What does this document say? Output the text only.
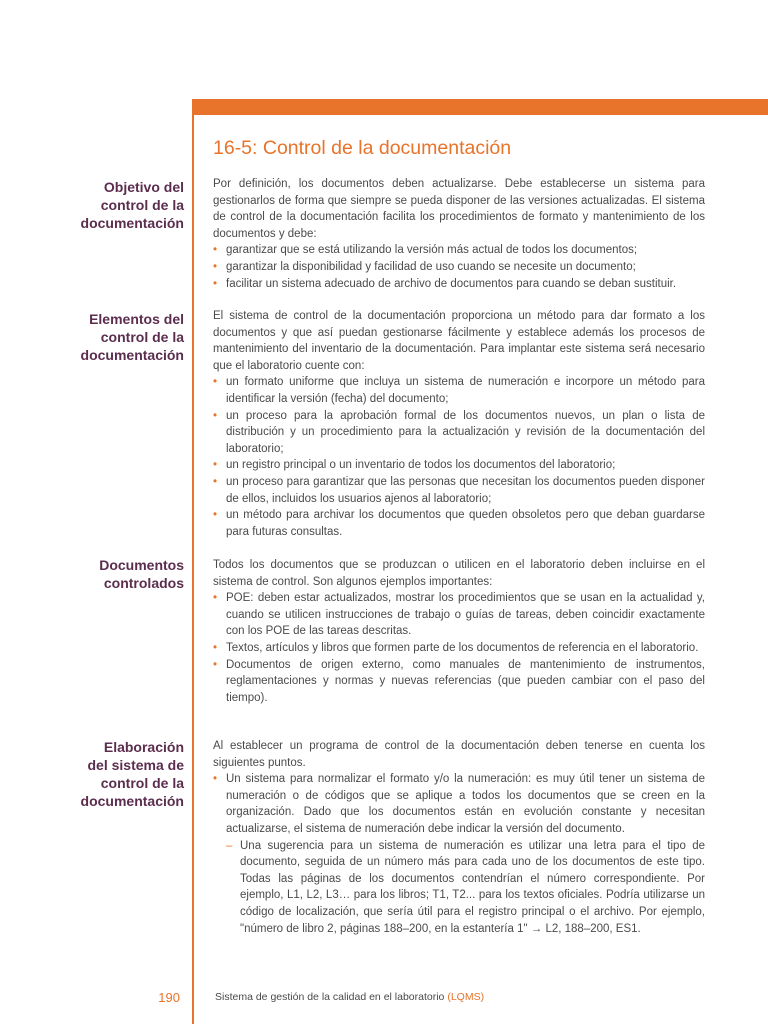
16-5: Control de la documentación
Objetivo del
control de la
documentación

Por definición, los documentos deben actualizarse. Debe establecerse un sistema para gestionarlos de forma que siempre se pueda disponer de las versiones actualizadas. El sistema de control de la documentación facilita los procedimientos de formato y mantenimiento de los documentos y debe:

• garantizar que se está utilizando la versión más actual de todos los documentos;
• garantizar la disponibilidad y facilidad de uso cuando se necesite un documento;
• facilitar un sistema adecuado de archivo de documentos para cuando se deban sustituir.
Elementos del
control de la
documentación

El sistema de control de la documentación proporciona un método para dar formato a los documentos y que así puedan gestionarse fácilmente y establece además los procesos de mantenimiento del inventario de la documentación. Para implantar este sistema será necesario que el laboratorio cuente con:

• un formato uniforme que incluya un sistema de numeración e incorpore un método para identificar la versión (fecha) del documento;
• un proceso para la aprobación formal de los documentos nuevos, un plan o lista de distribución y un procedimiento para la actualización y revisión de la documentación del laboratorio;
• un registro principal o un inventario de todos los documentos del laboratorio;
• un proceso para garantizar que las personas que necesitan los documentos pueden disponer de ellos, incluidos los usuarios ajenos al laboratorio;
• un método para archivar los documentos que queden obsoletos pero que deban guardarse para futuras consultas.
Documentos
controlados

Todos los documentos que se produzcan o utilicen en el laboratorio deben incluirse en el sistema de control. Son algunos ejemplos importantes:

• POE: deben estar actualizados, mostrar los procedimientos que se usan en la actualidad y, cuando se utilicen instrucciones de trabajo o guías de tareas, deben coincidir exactamente con los POE de las tareas descritas.
• Textos, artículos y libros que formen parte de los documentos de referencia en el laboratorio.
• Documentos de origen externo, como manuales de mantenimiento de instrumentos, reglamentaciones y normas y nuevas referencias (que pueden cambiar con el paso del tiempo).
Elaboración
del sistema de
control de la
documentación

Al establecer un programa de control de la documentación deben tenerse en cuenta los siguientes puntos.

• Un sistema para normalizar el formato y/o la numeración: es muy útil tener un sistema de numeración o de códigos que se aplique a todos los documentos que se creen en la organización. Dado que los documentos están en evolución constante y necesitan actualizarse, el sistema de numeración debe indicar la versión del documento.
– Una sugerencia para un sistema de numeración es utilizar una letra para el tipo de documento, seguida de un número más para cada uno de los documentos de este tipo. Todas las páginas de los documentos contendrían el número correspondiente. Por ejemplo, L1, L2, L3… para los libros; T1, T2... para los textos oficiales. Podría utilizarse un código de localización, que sería útil para el registro principal o el archivo. Por ejemplo, "número de libro 2, páginas 188–200, en la estantería 1" → L2, 188–200, ES1.
190	Sistema de gestión de la calidad en el laboratorio (LQMS)
